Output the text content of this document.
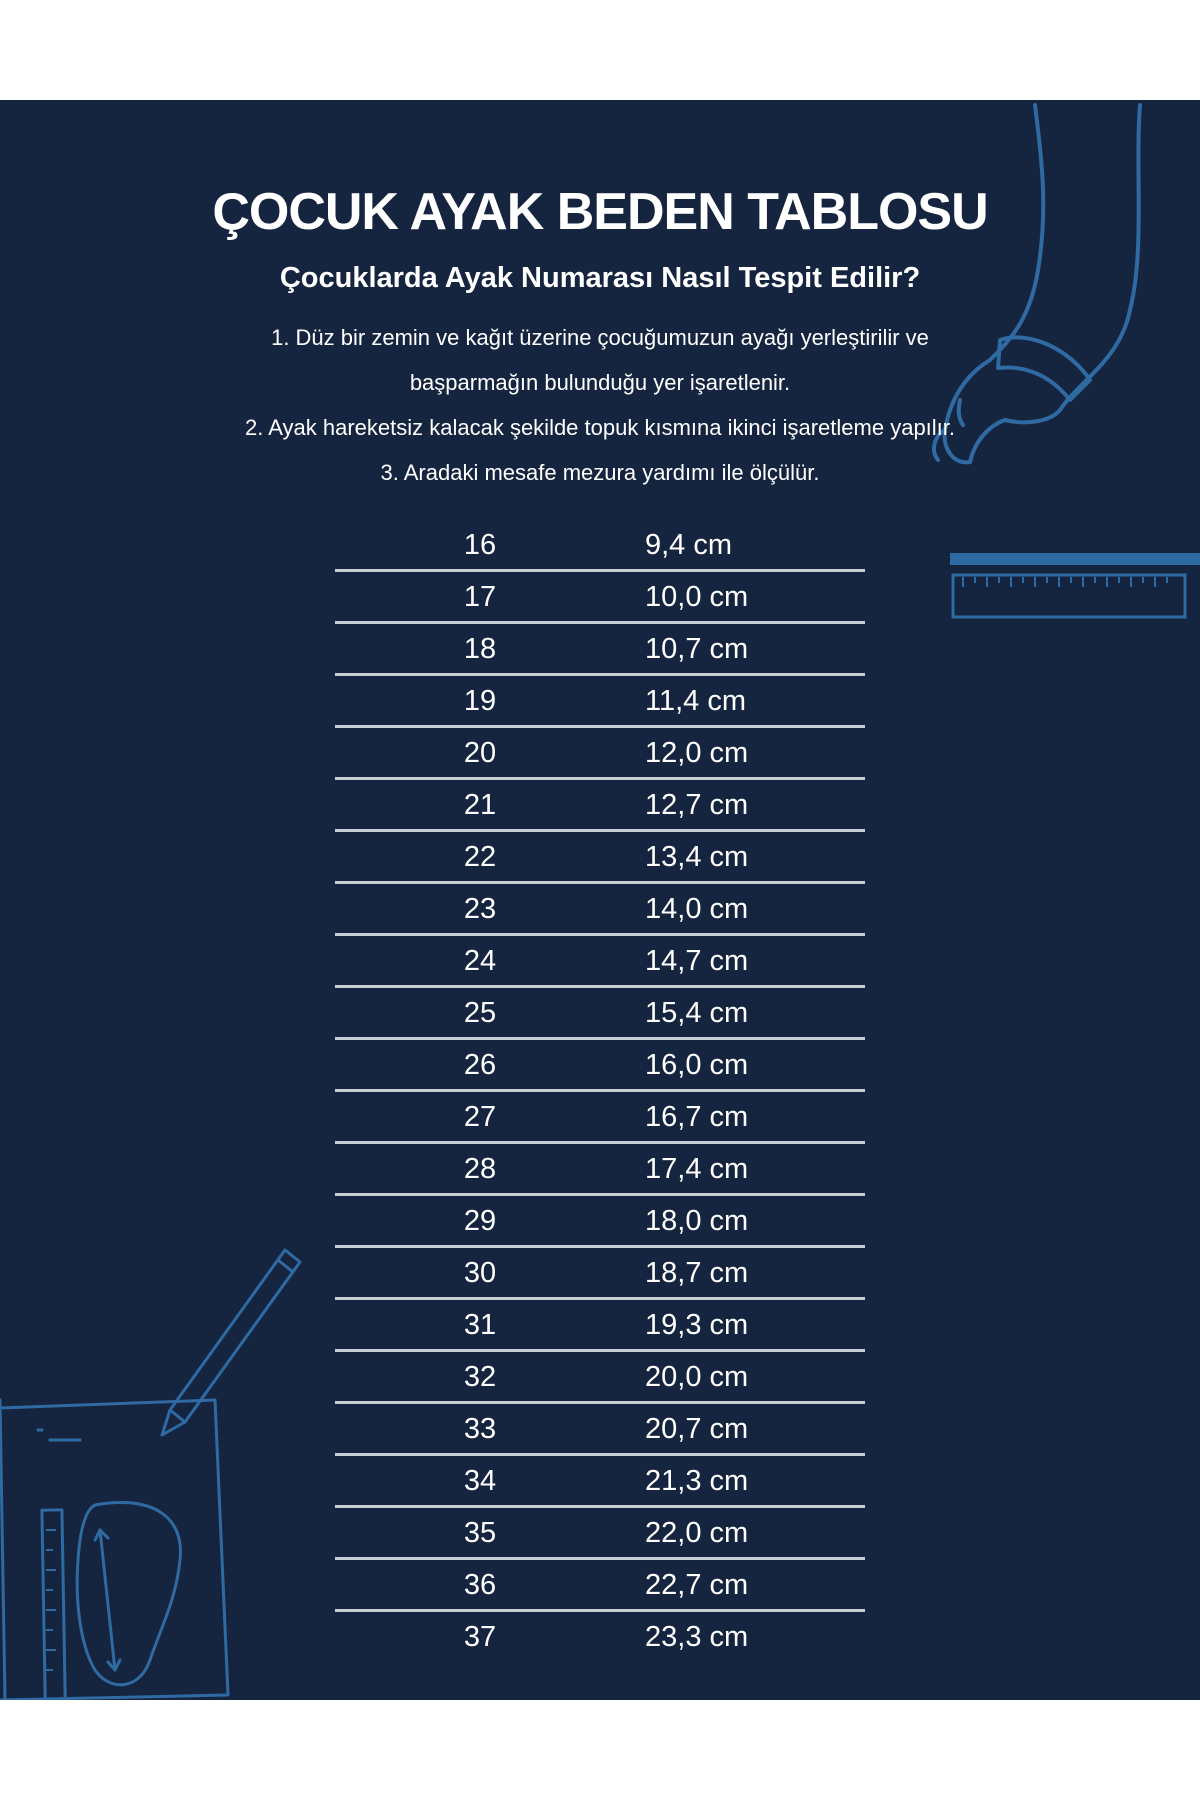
ÇOCUK AYAK BEDEN TABLOSU
Çocuklarda Ayak Numarası Nasıl Tespit Edilir?
1. Düz bir zemin ve kağıt üzerine çocuğumuzun ayağı yerleştirilir ve
başparmağın bulunduğu yer işaretlenir.
2. Ayak hareketsiz kalacak şekilde topuk kısmına ikinci işaretleme yapılır.
3. Aradaki mesafe mezura yardımı ile ölçülür.
16	9,4 cm
17	10,0 cm
18	10,7 cm
19	11,4 cm
20	12,0 cm
21	12,7 cm
22	13,4 cm
23	14,0 cm
24	14,7 cm
25	15,4 cm
26	16,0 cm
27	16,7 cm
28	17,4 cm
29	18,0 cm
30	18,7 cm
31	19,3 cm
32	20,0 cm
33	20,7 cm
34	21,3 cm
35	22,0 cm
36	22,7 cm
37	23,3 cm
